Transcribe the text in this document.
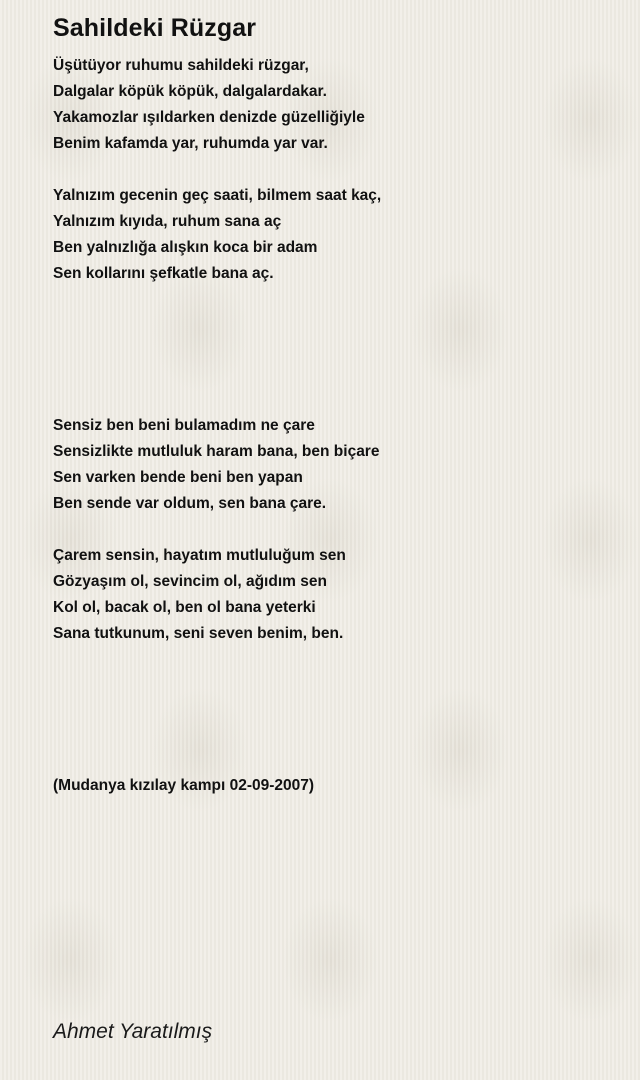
Sahildeki Rüzgar
Üşütüyor ruhumu sahildeki rüzgar,
Dalgalar köpük köpük, dalgalardakar.
Yakamozlar ışıldarken denizde güzelliğiyle
Benim kafamda yar, ruhumda yar var.
Yalnızım gecenin geç saati, bilmem saat kaç,
Yalnızım kıyıda, ruhum sana aç
Ben yalnızlığa alışkın koca bir adam
Sen kollarını şefkatle bana aç.
Sensiz ben beni bulamadım ne çare
Sensizlikte mutluluk haram bana, ben biçare
Sen varken bende beni ben yapan
Ben sende var oldum, sen bana çare.
Çarem sensin, hayatım mutluluğum sen
Gözyaşım ol, sevincim ol, ağıdım sen
Kol ol, bacak ol, ben ol bana yeterki
Sana tutkunum, seni seven benim, ben.

(Mudanya kızılay kampı 02-09-2007)

Ahmet Yaratılmış
